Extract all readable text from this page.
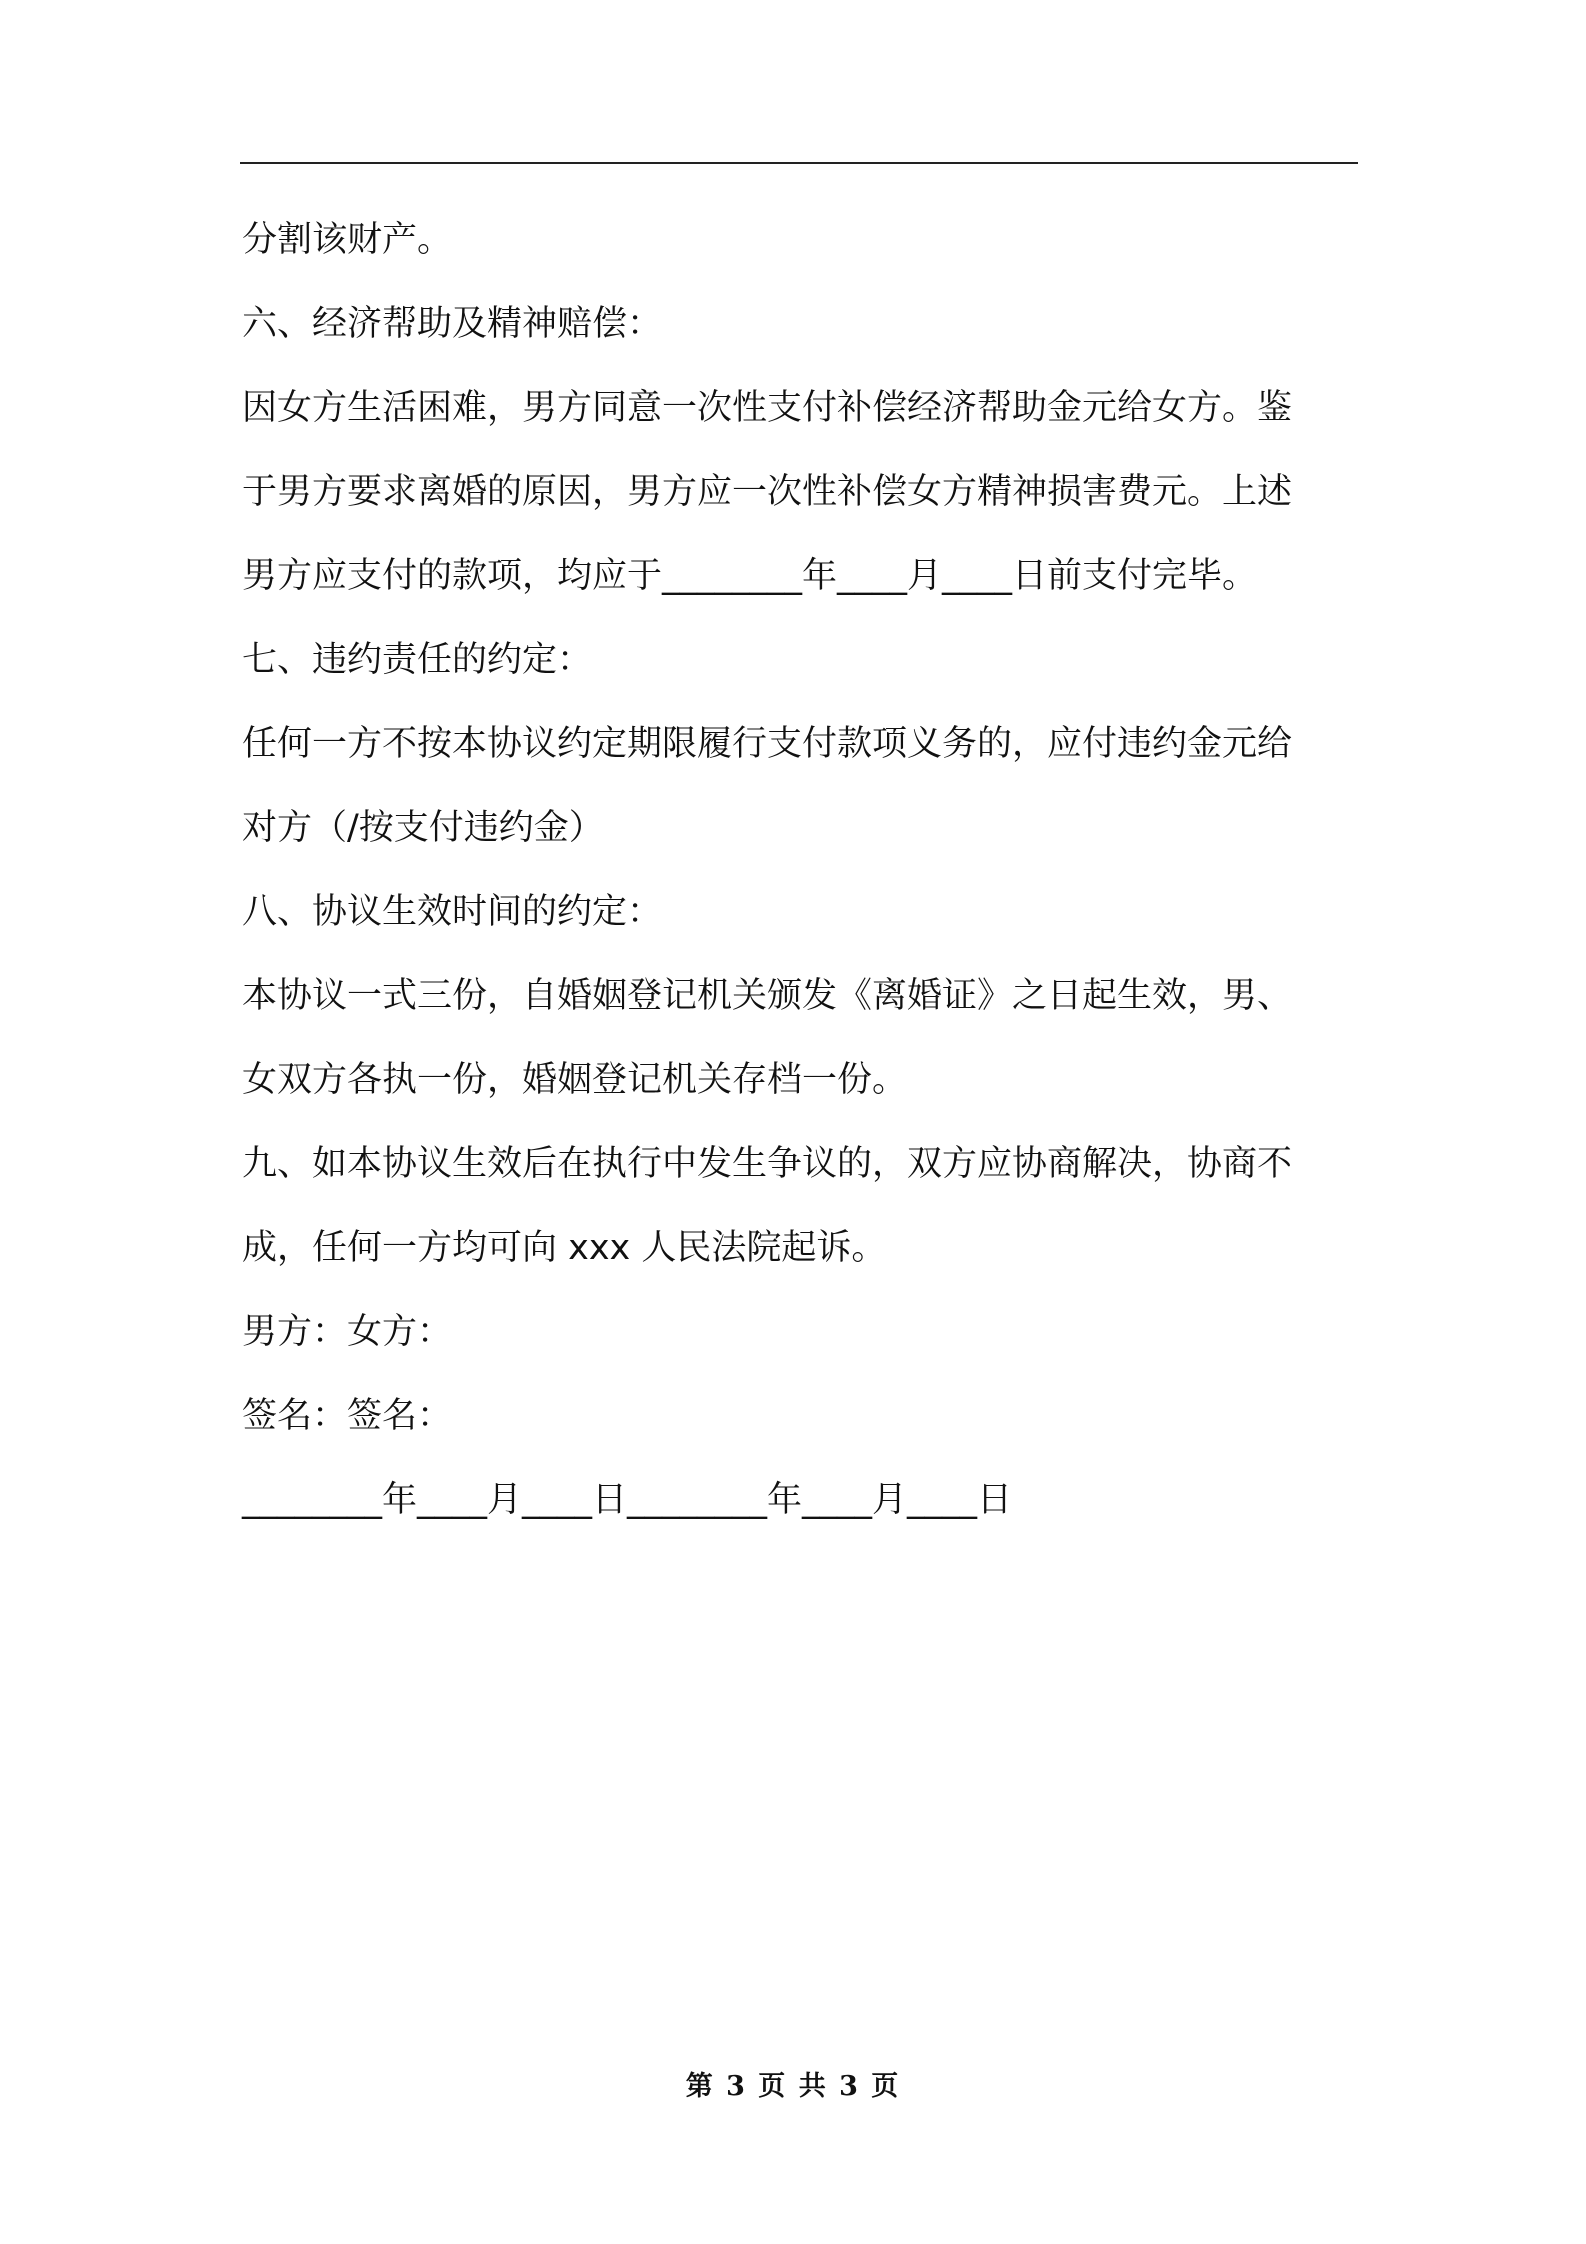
分割该财产。
六、经济帮助及精神赔偿：
因女方生活困难，男方同意一次性支付补偿经济帮助金元给女方。鉴
于男方要求离婚的原因，男方应一次性补偿女方精神损害费元。上述
男方应支付的款项，均应于________年____月____日前支付完毕。
七、违约责任的约定：
任何一方不按本协议约定期限履行支付款项义务的，应付违约金元给
对方（/按支付违约金）
八、协议生效时间的约定：
本协议一式三份，自婚姻登记机关颁发《离婚证》之日起生效，男、
女双方各执一份，婚姻登记机关存档一份。
九、如本协议生效后在执行中发生争议的，双方应协商解决，协商不
成，任何一方均可向 xxx 人民法院起诉。
男方：女方：
签名：签名：
________年____月____日________年____月____日
第 3 页 共 3 页
